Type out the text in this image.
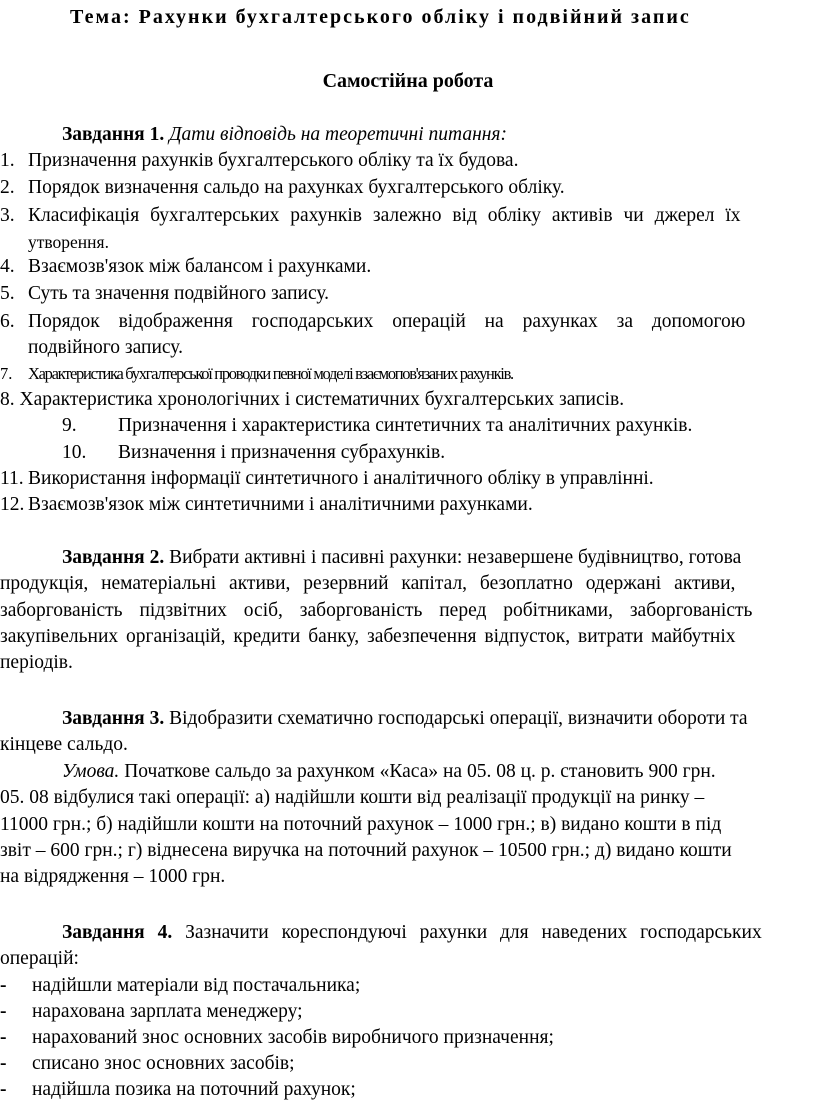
Тема: Рахунки бухгалтерського обліку і подвійний запис
Самостійна робота
Завдання 1. Дати відповідь на теоретичні питання:
1. Призначення рахунків бухгалтерського обліку та їх будова.
2. Порядок визначення сальдо на рахунках бухгалтерського обліку.
3. Класифікація бухгалтерських рахунків залежно від обліку активів чи джерел їх
утворення.
4. Взаємозв'язок між балансом і рахунками.
5. Суть та значення подвійного запису.
6. Порядок відображення господарських операцій на рахунках за допомогою
подвійного запису.
7. Характеристика бухгалтерської проводки певної моделі взаємопов'язаних рахунків.
8. Характеристика хронологічних і систематичних бухгалтерських записів.
9. Призначення і характеристика синтетичних та аналітичних рахунків.
10. Визначення і призначення субрахунків.
11. Використання інформації синтетичного і аналітичного обліку в управлінні.
12. Взаємозв'язок між синтетичними і аналітичними рахунками.
Завдання 2. Вибрати активні і пасивні рахунки: незавершене будівництво, готова
продукція, нематеріальні активи, резервний капітал, безоплатно одержані активи,
заборгованість підзвітних осіб, заборгованість перед робітниками, заборгованість
закупівельних організацій, кредити банку, забезпечення відпусток, витрати майбутніх
періодів.
Завдання 3. Відобразити схематично господарські операції, визначити обороти та
кінцеве сальдо.
Умова. Початкове сальдо за рахунком «Каса» на 05. 08 ц. р. становить 900 грн.
05. 08 відбулися такі операції: а) надійшли кошти від реалізації продукції на ринку –
11000 грн.; б) надійшли кошти на поточний рахунок – 1000 грн.; в) видано кошти в під
звіт – 600 грн.; г) віднесена виручка на поточний рахунок – 10500 грн.; д) видано кошти
на відрядження – 1000 грн.
Завдання 4. Зазначити кореспондуючі рахунки для наведених господарських
операцій:
- надійшли матеріали від постачальника;
- нарахована зарплата менеджеру;
- нарахований знос основних засобів виробничого призначення;
- списано знос основних засобів;
- надійшла позика на поточний рахунок;
